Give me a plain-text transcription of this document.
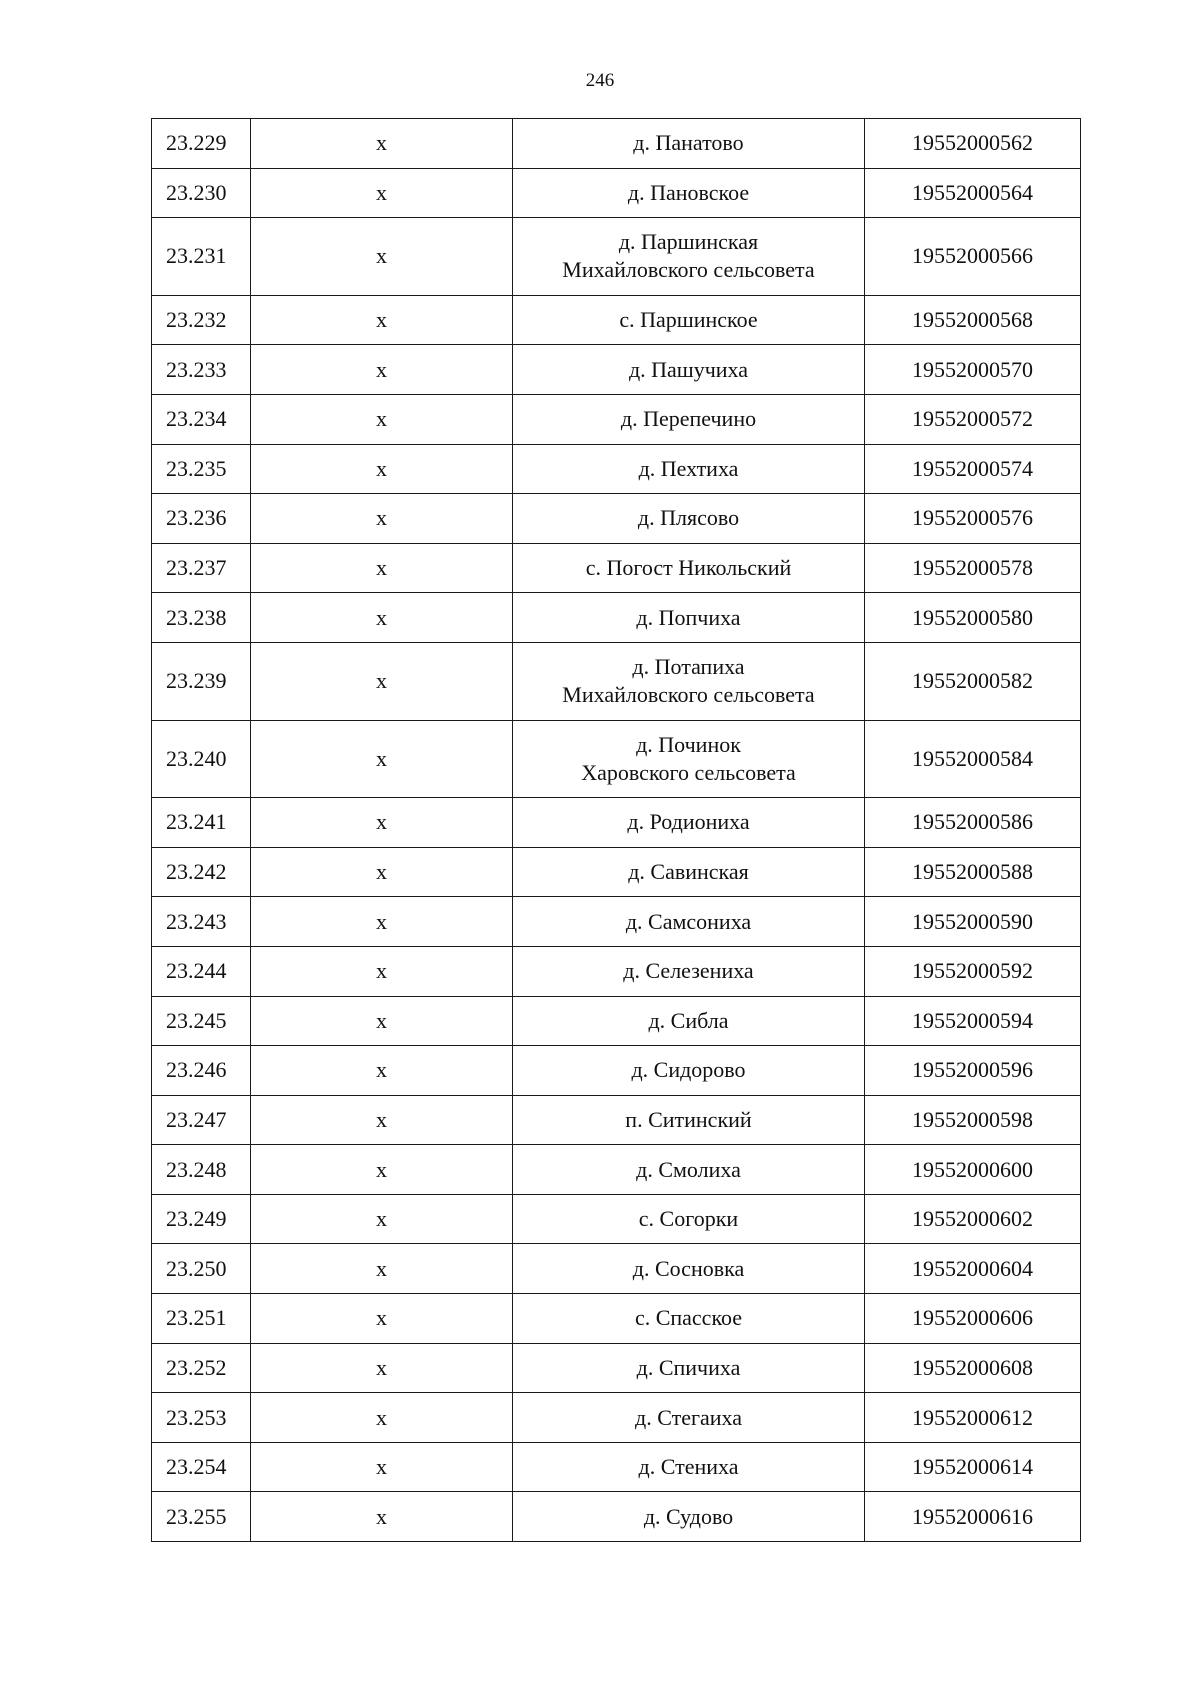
246
23.229	х	д. Панатово	19552000562
23.230	х	д. Пановское	19552000564
23.231	х	д. Паршинская
Михайловского сельсовета	19552000566
23.232	х	с. Паршинское	19552000568
23.233	х	д. Пашучиха	19552000570
23.234	х	д. Перепечино	19552000572
23.235	х	д. Пехтиха	19552000574
23.236	х	д. Плясово	19552000576
23.237	х	с. Погост Никольский	19552000578
23.238	х	д. Попчиха	19552000580
23.239	х	д. Потапиха
Михайловского сельсовета	19552000582
23.240	х	д. Починок
Харовского сельсовета	19552000584
23.241	х	д. Родиониха	19552000586
23.242	х	д. Савинская	19552000588
23.243	х	д. Самсониха	19552000590
23.244	х	д. Селезениха	19552000592
23.245	х	д. Сибла	19552000594
23.246	х	д. Сидорово	19552000596
23.247	х	п. Ситинский	19552000598
23.248	х	д. Смолиха	19552000600
23.249	х	с. Согорки	19552000602
23.250	х	д. Сосновка	19552000604
23.251	х	с. Спасское	19552000606
23.252	х	д. Спичиха	19552000608
23.253	х	д. Стегаиха	19552000612
23.254	х	д. Стениха	19552000614
23.255	х	д. Судово	19552000616
